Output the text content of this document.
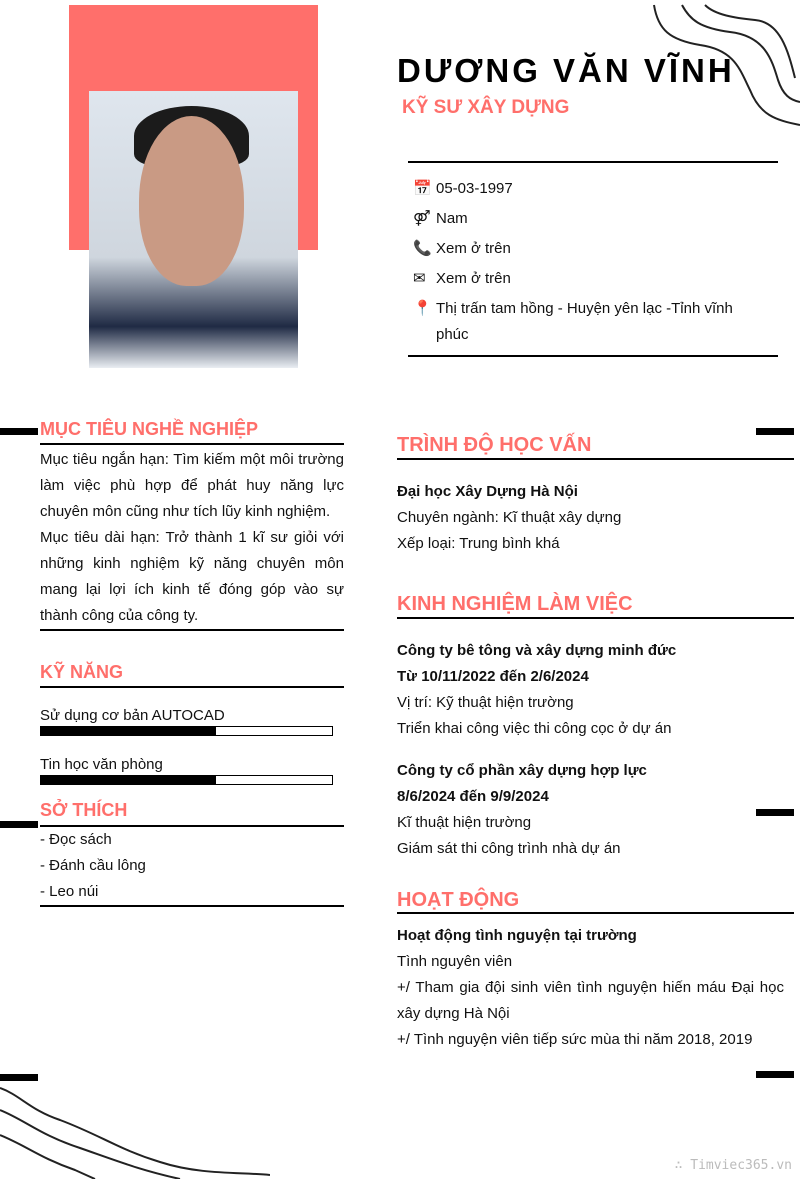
DƯƠNG VĂN VĨNH
KỸ SƯ XÂY DỰNG
📅 05-03-1997
⚤ Nam
📞 Xem ở trên
✉ Xem ở trên
📍 Thị trấn tam hồng - Huyện yên lạc -Tỉnh vĩnh phúc
MỤC TIÊU NGHỀ NGHIỆP

Mục tiêu ngắn hạn: Tìm kiếm một môi trường làm việc phù hợp để phát huy năng lực chuyên môn cũng như tích lũy kinh nghiệm.

Mục tiêu dài hạn: Trở thành 1 kĩ sư giỏi với những kinh nghiệm kỹ năng chuyên môn mang lại lợi ích kinh tế đóng góp vào sự thành công của công ty.

KỸ NĂNG
Sử dụng cơ bản AUTOCAD
Tin học văn phòng
SỞ THÍCH

- Đọc sách

- Đánh cầu lông

- Leo núi

TRÌNH ĐỘ HỌC VẤN

Đại học Xây Dựng Hà Nội

Chuyên ngành: Kĩ thuật xây dựng

Xếp loại: Trung bình khá

KINH NGHIỆM LÀM VIỆC

Công ty bê tông và xây dựng minh đức

Từ 10/11/2022 đến 2/6/2024

Vị trí: Kỹ thuật hiện trường

Triển khai công việc thi công cọc ở dự án

Công ty cổ phần xây dựng hợp lực

8/6/2024 đến 9/9/2024

Kĩ thuật hiện trường

Giám sát thi công trình nhà dự án

HOẠT ĐỘNG

Hoạt động tình nguyện tại trường

Tình nguyên viên

+/ Tham gia đội sinh viên tình nguyện hiến máu Đại học xây dựng Hà Nội

+/ Tình nguyện viên tiếp sức mùa thi năm 2018, 2019

∴ Timviec365.vn
